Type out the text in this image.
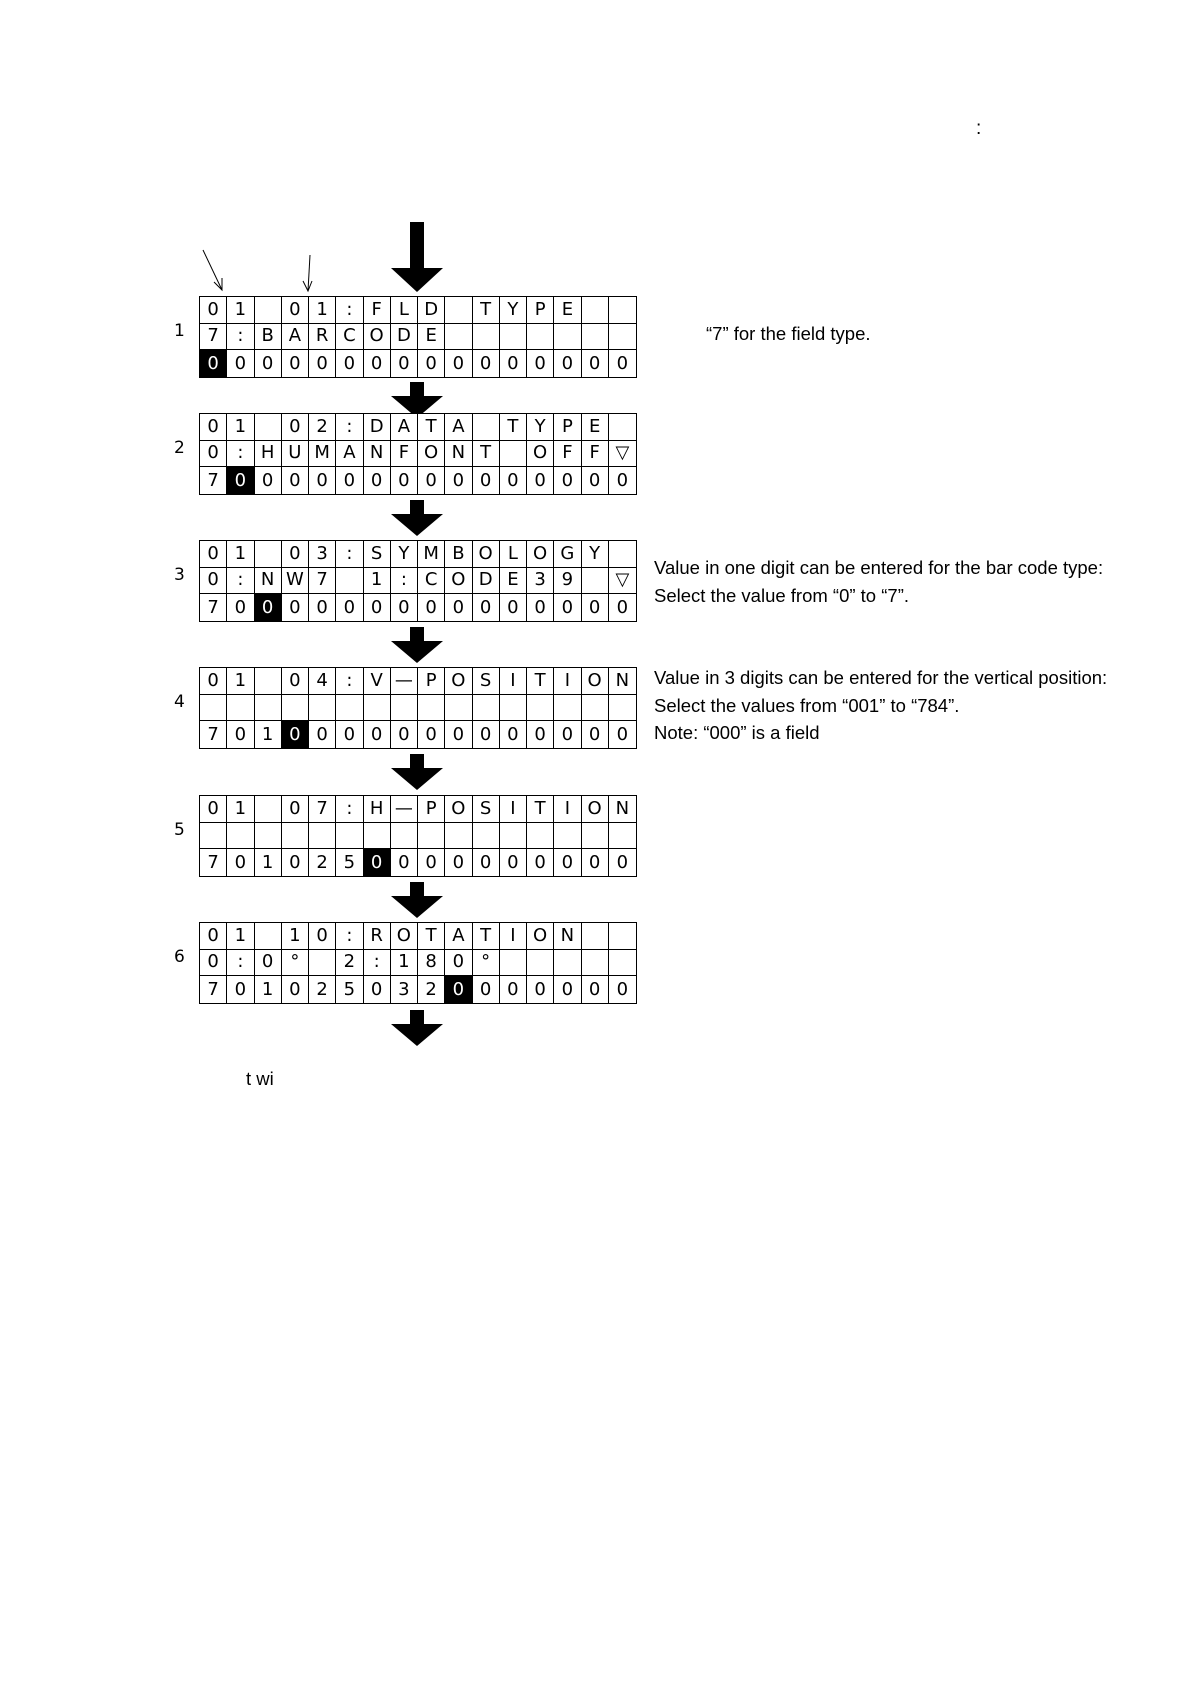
:
1
0 1	0 1	:	F L D	T Y P E
7	:	B A R C O D E
0 0 0 0 0 0 0 0 0 0 0 0 0 0 0 0
“7” for the field type.
2
0 1	0 2	: D A T A	T Y P E
0	: H U M A N F O N T	O F F ▽
7 0 0 0 0 0 0 0 0 0 0 0 0 0 0 0
3
0 1	0 3	:	S Y M B O L O G Y
0	: N W 7	1	: C O D E 3 9	▽
7 0 0 0 0 0 0 0 0 0 0 0 0 0 0 0
Value in one digit can be entered for the bar code type:
Select the value from “0” to “7”.
4
0 1	0 4	:	V — P O S	I	T	I O N
7 0 1 0 0 0 0 0 0 0 0 0 0 0 0 0
Value in 3 digits can be entered for the vertical position:
Select the values from “001” to “784”.
Note: “000” is a field
5
0 1	0 7	: H — P O S	I	T	I O N
7 0 1 0 2 5 0 0 0 0 0 0 0 0 0 0
6
0 1	1 0	: R O T A T	I O N
0	:	0 °	2	:	1 8 0 °
7 0 1 0 2 5 0 3 2 0 0 0 0 0 0 0
t wi
